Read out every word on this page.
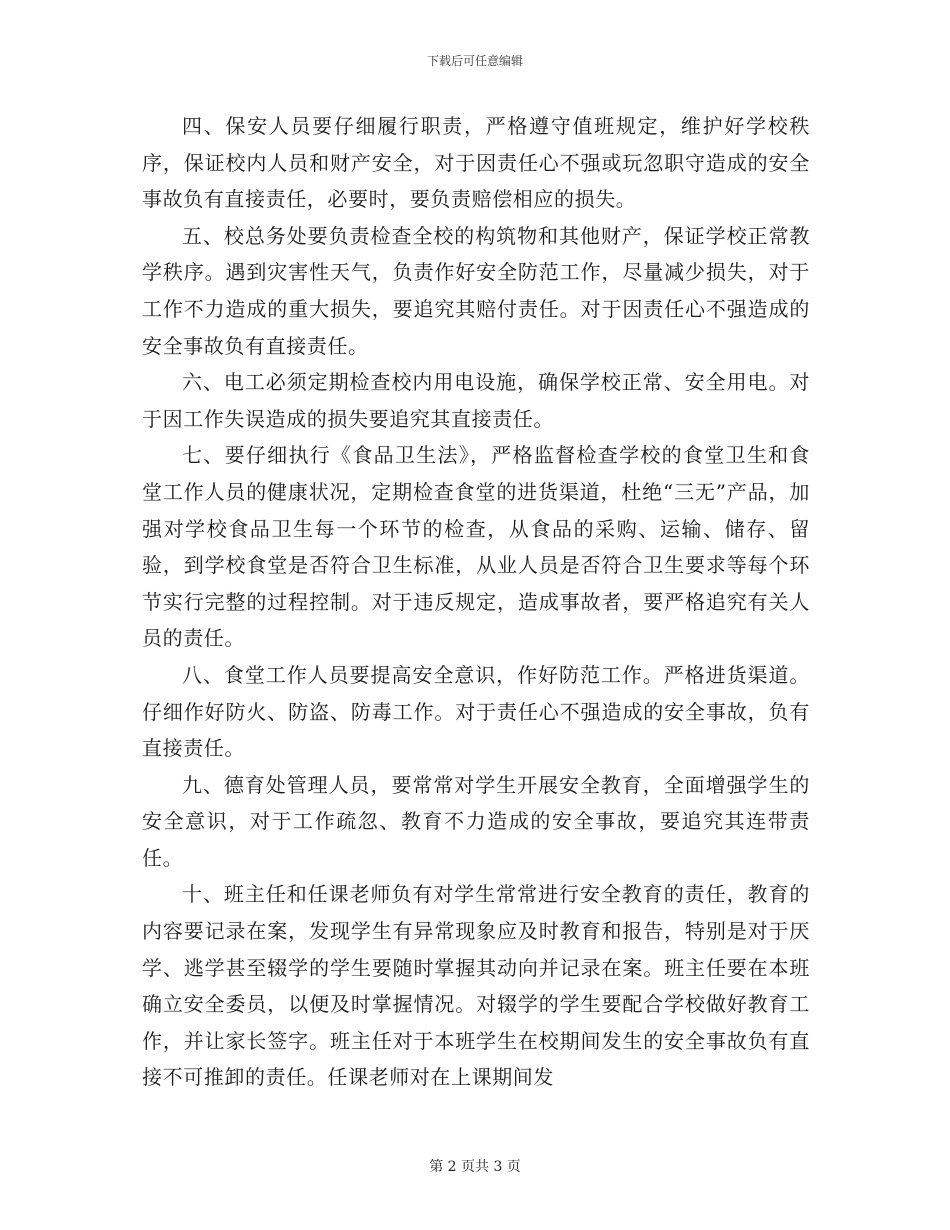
下载后可任意编辑

四、保安人员要仔细履行职责，严格遵守值班规定，维护好学校秩序，保证校内人员和财产安全，对于因责任心不强或玩忽职守造成的安全事故负有直接责任，必要时，要负责赔偿相应的损失。

五、校总务处要负责检查全校的构筑物和其他财产，保证学校正常教学秩序。遇到灾害性天气，负责作好安全防范工作，尽量减少损失，对于工作不力造成的重大损失，要追究其赔付责任。对于因责任心不强造成的安全事故负有直接责任。

六、电工必须定期检查校内用电设施，确保学校正常、安全用电。对于因工作失误造成的损失要追究其直接责任。

七、要仔细执行《食品卫生法》，严格监督检查学校的食堂卫生和食堂工作人员的健康状况，定期检查食堂的进货渠道，杜绝“三无”产品，加强对学校食品卫生每一个环节的检查，从食品的采购、运输、储存、留验，到学校食堂是否符合卫生标准，从业人员是否符合卫生要求等每个环节实行完整的过程控制。对于违反规定，造成事故者，要严格追究有关人员的责任。

八、食堂工作人员要提高安全意识，作好防范工作。严格进货渠道。仔细作好防火、防盗、防毒工作。对于责任心不强造成的安全事故，负有直接责任。

九、德育处管理人员，要常常对学生开展安全教育，全面增强学生的安全意识，对于工作疏忽、教育不力造成的安全事故，要追究其连带责任。

十、班主任和任课老师负有对学生常常进行安全教育的责任，教育的内容要记录在案，发现学生有异常现象应及时教育和报告，特别是对于厌学、逃学甚至辍学的学生要随时掌握其动向并记录在案。班主任要在本班确立安全委员，以便及时掌握情况。对辍学的学生要配合学校做好教育工作，并让家长签字。班主任对于本班学生在校期间发生的安全事故负有直接不可推卸的责任。任课老师对在上课期间发

第 2 页共 3 页
